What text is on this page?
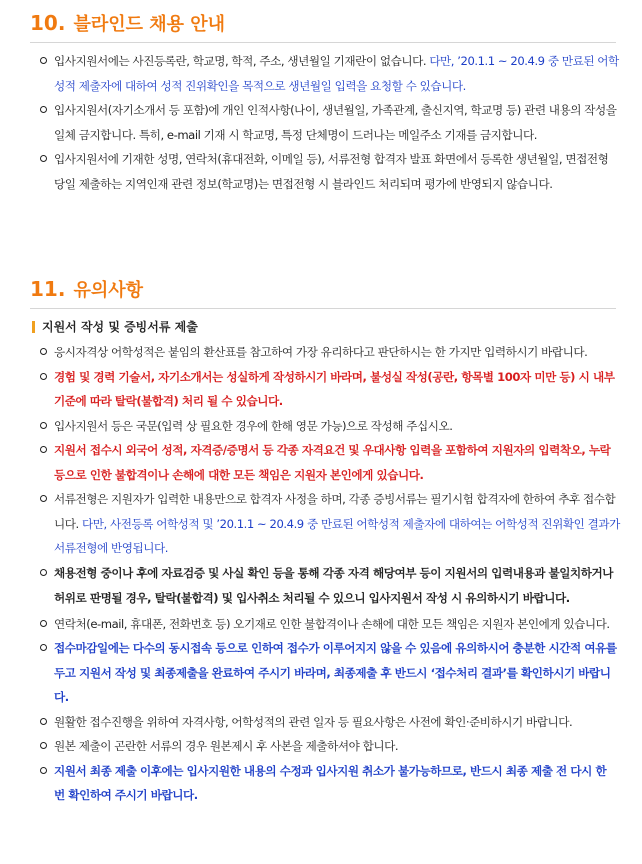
10. 블라인드 채용 안내
입사지원서에는 사진등록란, 학교명, 학적, 주소, 생년월일 기재란이 없습니다. 다만, ’20.1.1 ~ 20.4.9 중 만료된 어학성적 제출자에 대하여 성적 진위확인을 목적으로 생년월일 입력을 요청할 수 있습니다.
입사지원서(자기소개서 등 포함)에 개인 인적사항(나이, 생년월일, 가족관계, 출신지역, 학교명 등) 관련 내용의 작성을 일체 금지합니다. 특히, e-mail 기재 시 학교명, 특정 단체명이 드러나는 메일주소 기재를 금지합니다.
입사지원서에 기재한 성명, 연락처(휴대전화, 이메일 등), 서류전형 합격자 발표 화면에서 등록한 생년월일, 면접전형 당일 제출하는 지역인재 관련 정보(학교명)는 면접전형 시 블라인드 처리되며 평가에 반영되지 않습니다.
11. 유의사항
지원서 작성 및 증빙서류 제출
응시자격상 어학성적은 붙임의 환산표를 참고하여 가장 유리하다고 판단하시는 한 가지만 입력하시기 바랍니다.
경험 및 경력 기술서, 자기소개서는 성실하게 작성하시기 바라며, 불성실 작성(공란, 항목별 100자 미만 등) 시 내부기준에 따라 탈락(불합격) 처리 될 수 있습니다.
입사지원서 등은 국문(입력 상 필요한 경우에 한해 영문 가능)으로 작성해 주십시오.
지원서 접수시 외국어 성적, 자격증/증명서 등 각종 자격요건 및 우대사항 입력을 포함하여 지원자의 입력착오, 누락 등으로 인한 불합격이나 손해에 대한 모든 책임은 지원자 본인에게 있습니다.
서류전형은 지원자가 입력한 내용만으로 합격자 사정을 하며, 각종 증빙서류는 필기시험 합격자에 한하여 추후 접수합니다. 다만, 사전등록 어학성적 및 ’20.1.1 ~ 20.4.9 중 만료된 어학성적 제출자에 대하여는 어학성적 진위확인 결과가 서류전형에 반영됩니다.
채용전형 중이나 후에 자료검증 및 사실 확인 등을 통해 각종 자격 해당여부 등이 지원서의 입력내용과 불일치하거나 허위로 판명될 경우, 탈락(불합격) 및 입사취소 처리될 수 있으니 입사지원서 작성 시 유의하시기 바랍니다.
연락처(e-mail, 휴대폰, 전화번호 등) 오기재로 인한 불합격이나 손해에 대한 모든 책임은 지원자 본인에게 있습니다.
접수마감일에는 다수의 동시접속 등으로 인하여 접수가 이루어지지 않을 수 있음에 유의하시어 충분한 시간적 여유를 두고 지원서 작성 및 최종제출을 완료하여 주시기 바라며, 최종제출 후 반드시 ‘접수처리 결과’를 확인하시기 바랍니다.
원활한 접수진행을 위하여 자격사항, 어학성적의 관련 일자 등 필요사항은 사전에 확인·준비하시기 바랍니다.
원본 제출이 곤란한 서류의 경우 원본제시 후 사본을 제출하셔야 합니다.
지원서 최종 제출 이후에는 입사지원한 내용의 수정과 입사지원 취소가 불가능하므로, 반드시 최종 제출 전 다시 한 번 확인하여 주시기 바랍니다.
